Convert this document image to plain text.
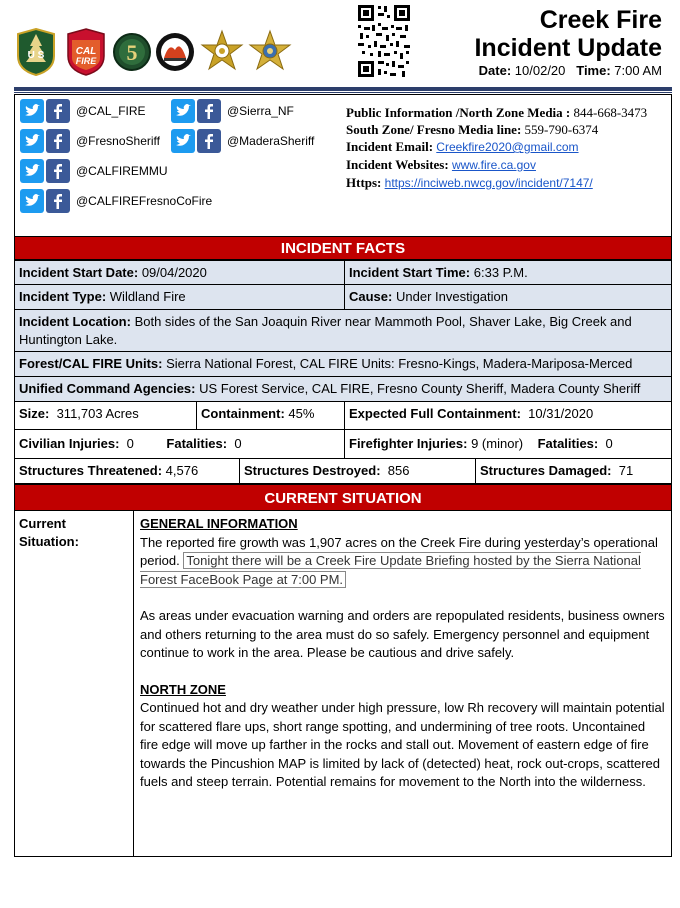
U S	CAL
FIRE 5
Creek Fire
Incident Update
Date: 10/02/20 Time: 7:00 AM
@CAL_FIRE	@Sierra_NF
@FresnoSheriff	@MaderaSheriff
@CALFIREMMU
@CALFIREFresnoCoFire
Public Information /North Zone Media : 844-668-3473
South Zone/ Fresno Media line: 559-790-6374
Incident Email: Creekfire2020@gmail.com
Incident Websites: www.fire.ca.gov
Https: https://inciweb.nwcg.gov/incident/7147/
INCIDENT FACTS
Incident Start Date: 09/04/2020	Incident Start Time: 6:33 P.M.
Incident Type: Wildland Fire	Cause: Under Investigation
Incident Location: Both sides of the San Joaquin River near Mammoth Pool, Shaver Lake, Big Creek and Huntington Lake.
Forest/CAL FIRE Units: Sierra National Forest, CAL FIRE Units: Fresno-Kings, Madera-Mariposa-Merced
Unified Command Agencies: US Forest Service, CAL FIRE, Fresno County Sheriff, Madera County Sheriff
Size: 311,703 Acres	Containment: 45%	Expected Full Containment: 10/31/2020
Civilian Injuries: 0	Fatalities: 0	Firefighter Injuries: 9 (minor) Fatalities: 0
Structures Threatened: 4,576	Structures Destroyed: 856	Structures Damaged: 71
CURRENT SITUATION
Current
Situation:
GENERAL INFORMATION
The reported fire growth was 1,907 acres on the Creek Fire during yesterday’s operational period. Tonight there will be a Creek Fire Update Briefing hosted by the Sierra National Forest FaceBook Page at 7:00 PM.
As areas under evacuation warning and orders are repopulated residents, business owners and others returning to the area must do so safely. Emergency personnel and equipment continue to work in the area. Please be cautious and drive safely.
NORTH ZONE
Continued hot and dry weather under high pressure, low Rh recovery will maintain potential for scattered flare ups, short range spotting, and undermining of tree roots. Uncontained fire edge will move up farther in the rocks and stall out. Movement of eastern edge of fire towards the Pincushion MAP is limited by lack of (detected) heat, rock out-crops, scattered fuels and steep terrain. Potential remains for movement to the North into the wilderness.
